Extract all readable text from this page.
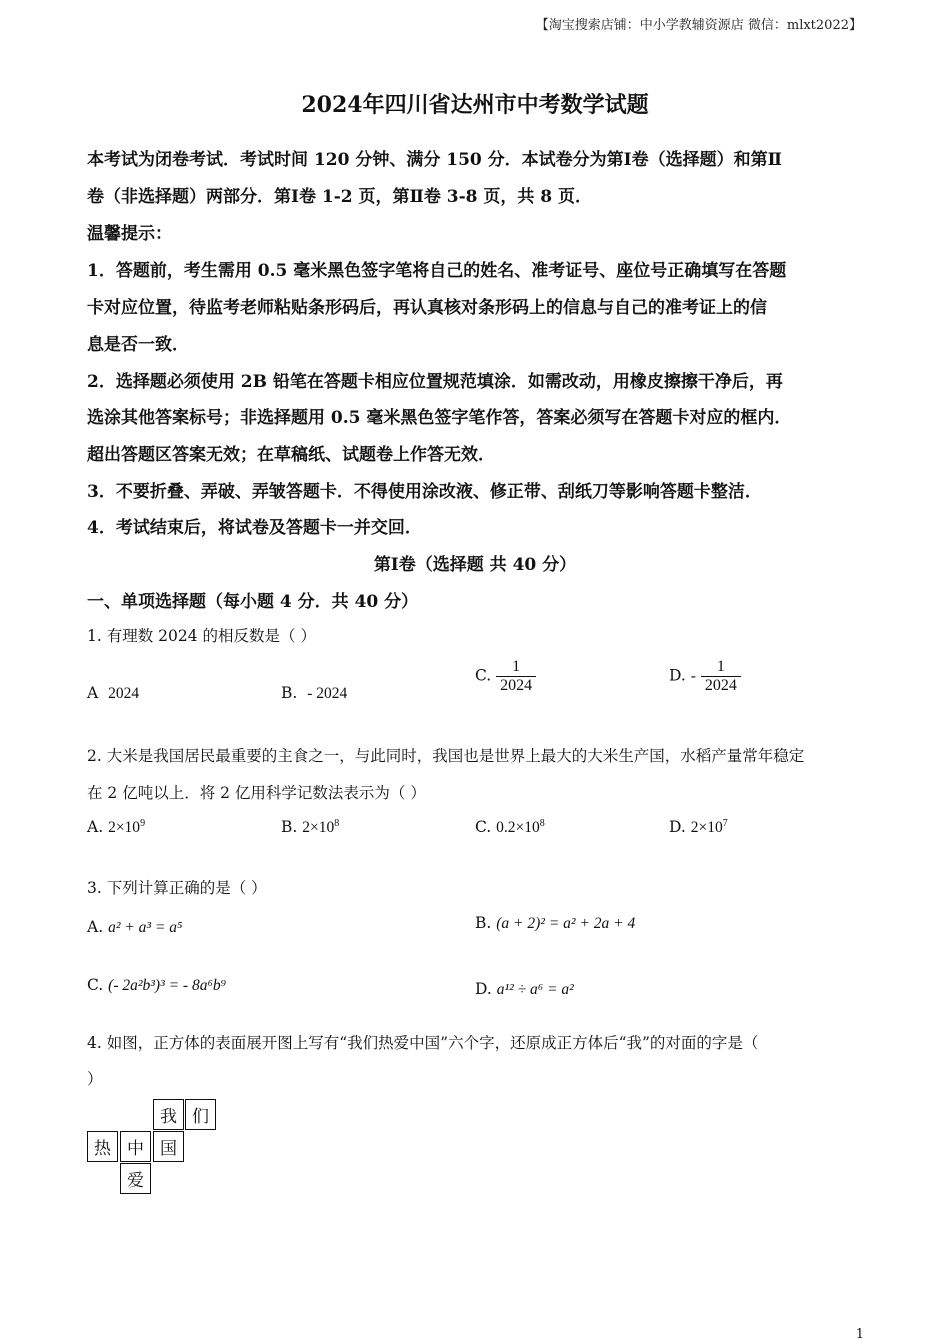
【淘宝搜索店铺：中小学教辅资源店 微信：mlxt2022】
2024年四川省达州市中考数学试题
本考试为闭卷考试．考试时间 120 分钟、满分 150 分．本试卷分为第Ⅰ卷（选择题）和第Ⅱ
卷（非选择题）两部分．第Ⅰ卷 1-2 页，第Ⅱ卷 3-8 页，共 8 页．
温馨提示：
1．答题前，考生需用 0.5 毫米黑色签字笔将自己的姓名、准考证号、座位号正确填写在答题
卡对应位置，待监考老师粘贴条形码后，再认真核对条形码上的信息与自己的准考证上的信
息是否一致．
2．选择题必须使用 2B 铅笔在答题卡相应位置规范填涂．如需改动，用橡皮擦擦干净后，再
选涂其他答案标号；非选择题用 0.5 毫米黑色签字笔作答，答案必须写在答题卡对应的框内．
超出答题区答案无效；在草稿纸、试题卷上作答无效．
3．不要折叠、弄破、弄皱答题卡．不得使用涂改液、修正带、刮纸刀等影响答题卡整洁．
4．考试结束后，将试卷及答题卡一并交回．
第Ⅰ卷（选择题 共 40 分）
一、单项选择题（每小题 4 分．共 40 分）
1. 有理数 2024 的相反数是（ ）
A 2024	B. - 2024
C. $\frac{1}{2024}$	D. - $\frac{1}{2024}$
2. 大米是我国居民最重要的主食之一，与此同时，我国也是世界上最大的大米生产国，水稻产量常年稳定
在 2 亿吨以上．将 2 亿用科学记数法表示为（ ）
A. $2\times 10^9$	B. $2\times 10^8$	C. $0.2\times 10^8$	D. $2\times 10^7$
3. 下列计算正确的是（ ）
A. a² + a³ = a⁵	B. (a + 2)² = a² + 2a + 4
C. (- 2a²b³)³ = - 8a⁶b⁹	D. a¹² ÷ a⁶ = a²
4. 如图，正方体的表面展开图上写有“我们热爱中国”六个字，还原成正方体后“我”的对面的字是（
）
我 们
热 中 国
爱
1
